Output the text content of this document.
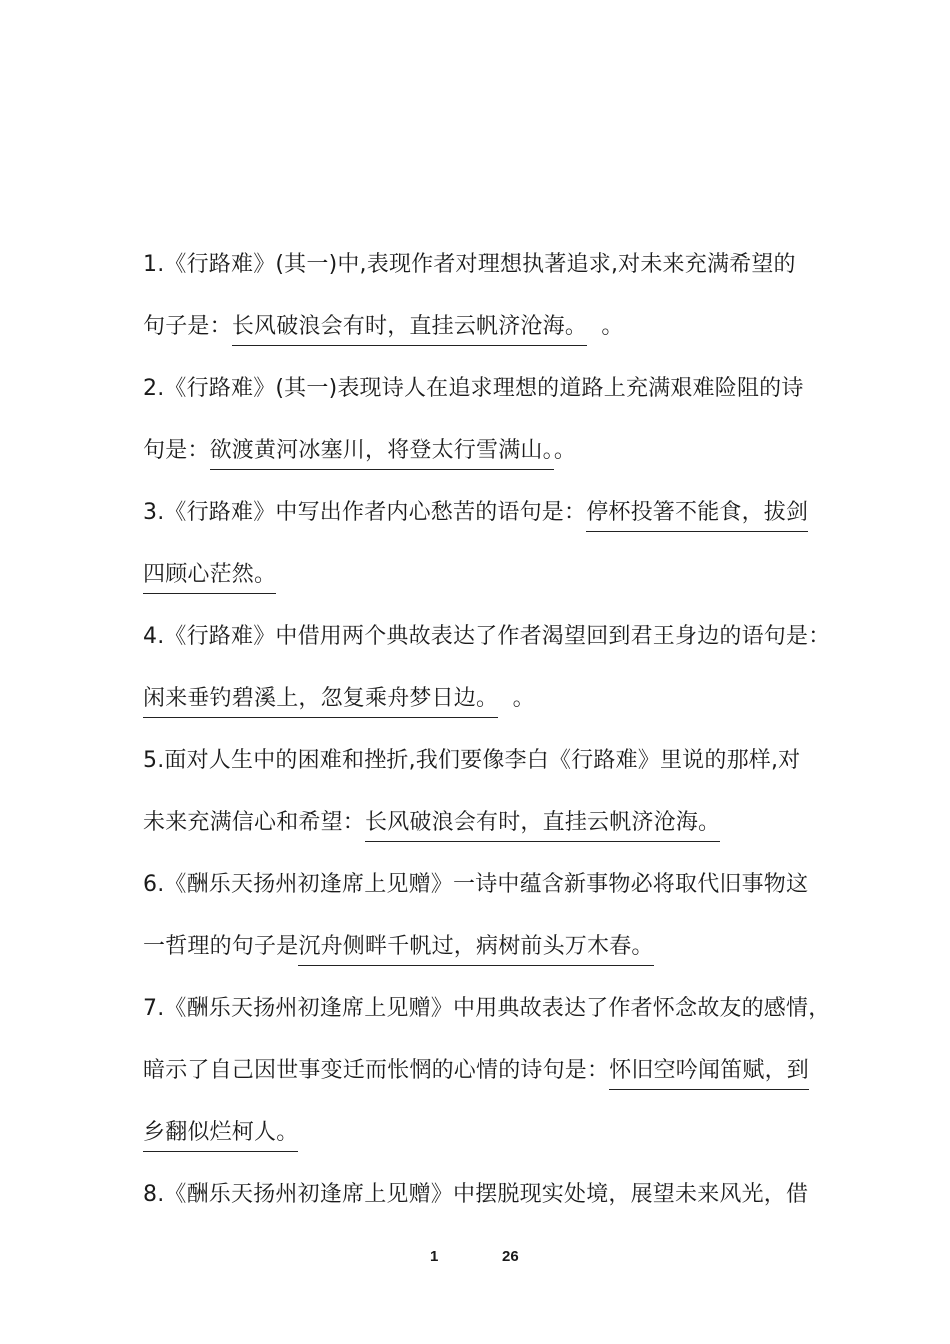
1.《行路难》(其一)中,表现作者对理想执著追求,对未来充满希望的
句子是：长风破浪会有时，直挂云帆济沧海。 。
2.《行路难》(其一)表现诗人在追求理想的道路上充满艰难险阻的诗
句是：欲渡黄河冰塞川，将登太行雪满山。。
3.《行路难》中写出作者内心愁苦的语句是：停杯投箸不能食，拔剑
四顾心茫然。
4.《行路难》中借用两个典故表达了作者渴望回到君王身边的语句是：
闲来垂钓碧溪上，忽复乘舟梦日边。 。
5.面对人生中的困难和挫折,我们要像李白《行路难》里说的那样,对
未来充满信心和希望：长风破浪会有时，直挂云帆济沧海。
6.《酬乐天扬州初逢席上见赠》一诗中蕴含新事物必将取代旧事物这
一哲理的句子是沉舟侧畔千帆过，病树前头万木春。
7.《酬乐天扬州初逢席上见赠》中用典故表达了作者怀念故友的感情，
暗示了自己因世事变迁而怅惘的心情的诗句是：怀旧空吟闻笛赋，到
乡翻似烂柯人。
8.《酬乐天扬州初逢席上见赠》中摆脱现实处境，展望未来风光，借
1	26
